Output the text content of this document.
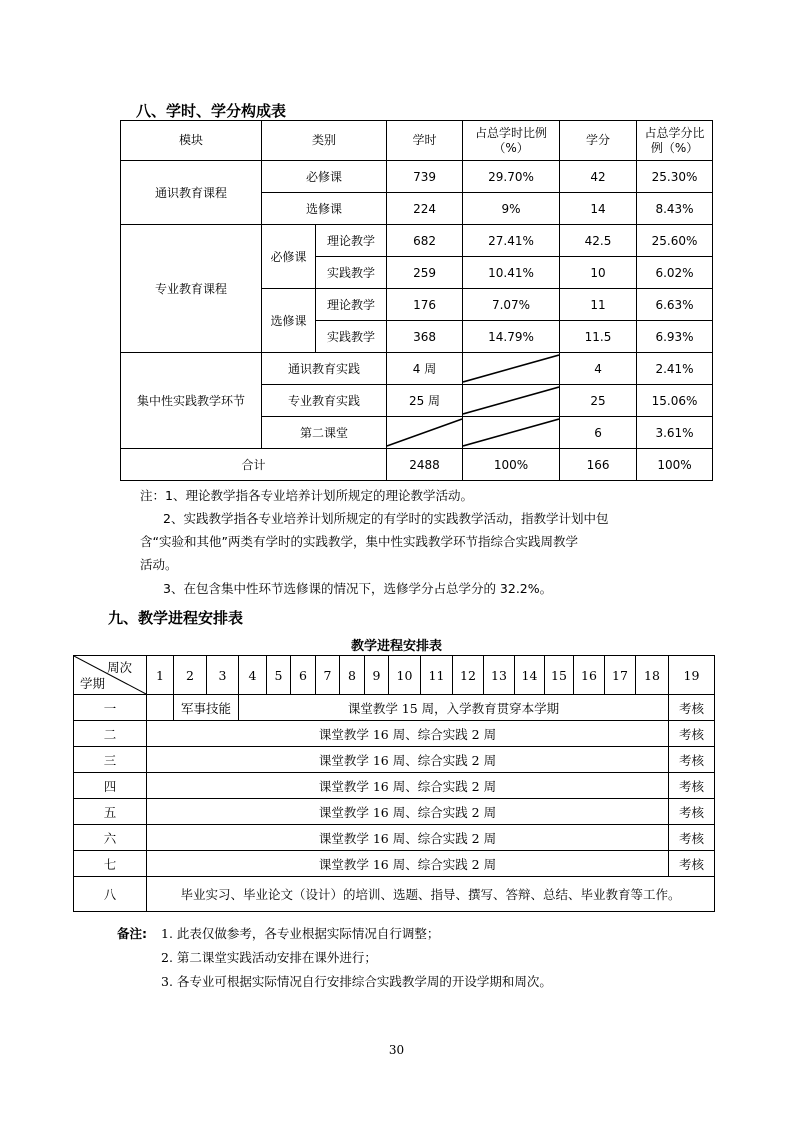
八、学时、学分构成表
模块	类别		学时	占总学时比例（%）	学分	占总学分比例（%）
通识教育课程	必修课		739	29.70%	42	25.30%
	选修课		224	9%	14	8.43%
专业教育课程	必修课	理论教学	682	27.41%	42.5	25.60%
		实践教学	259	10.41%	10	6.02%
	选修课	理论教学	176	7.07%	11	6.63%
		实践教学	368	14.79%	11.5	6.93%
集中性实践教学环节	通识教育实践		4 周		4	2.41%
	专业教育实践		25 周		25	15.06%
	第二课堂				6	3.61%
合计			2488	100%	166	100%
注：1、理论教学指各专业培养计划所规定的理论教学活动。
2、实践教学指各专业培养计划所规定的有学时的实践教学活动，指教学计划中包
含“实验和其他”两类有学时的实践教学，集中性实践教学环节指综合实践周教学
活动。
3、在包含集中性环节选修课的情况下，选修学分占总学分的 32.2%。
九、教学进程安排表
教学进程安排表
周次
学期	1	2	3	4	5	6	7	8	9	10	11	12	13	14	15	16	17	18	19
一		军事技能		课堂教学 15 周，入学教育贯穿本学期															考核
二	课堂教学 16 周、综合实践 2 周																		考核
三	课堂教学 16 周、综合实践 2 周																		考核
四	课堂教学 16 周、综合实践 2 周																		考核
五	课堂教学 16 周、综合实践 2 周																		考核
六	课堂教学 16 周、综合实践 2 周																		考核
七	课堂教学 16 周、综合实践 2 周																		考核
八	毕业实习、毕业论文（设计）的培训、选题、指导、撰写、答辩、总结、毕业教育等工作。																		
备注: 1. 此表仅做参考，各专业根据实际情况自行调整；
2. 第二课堂实践活动安排在课外进行；
3. 各专业可根据实际情况自行安排综合实践教学周的开设学期和周次。
30
